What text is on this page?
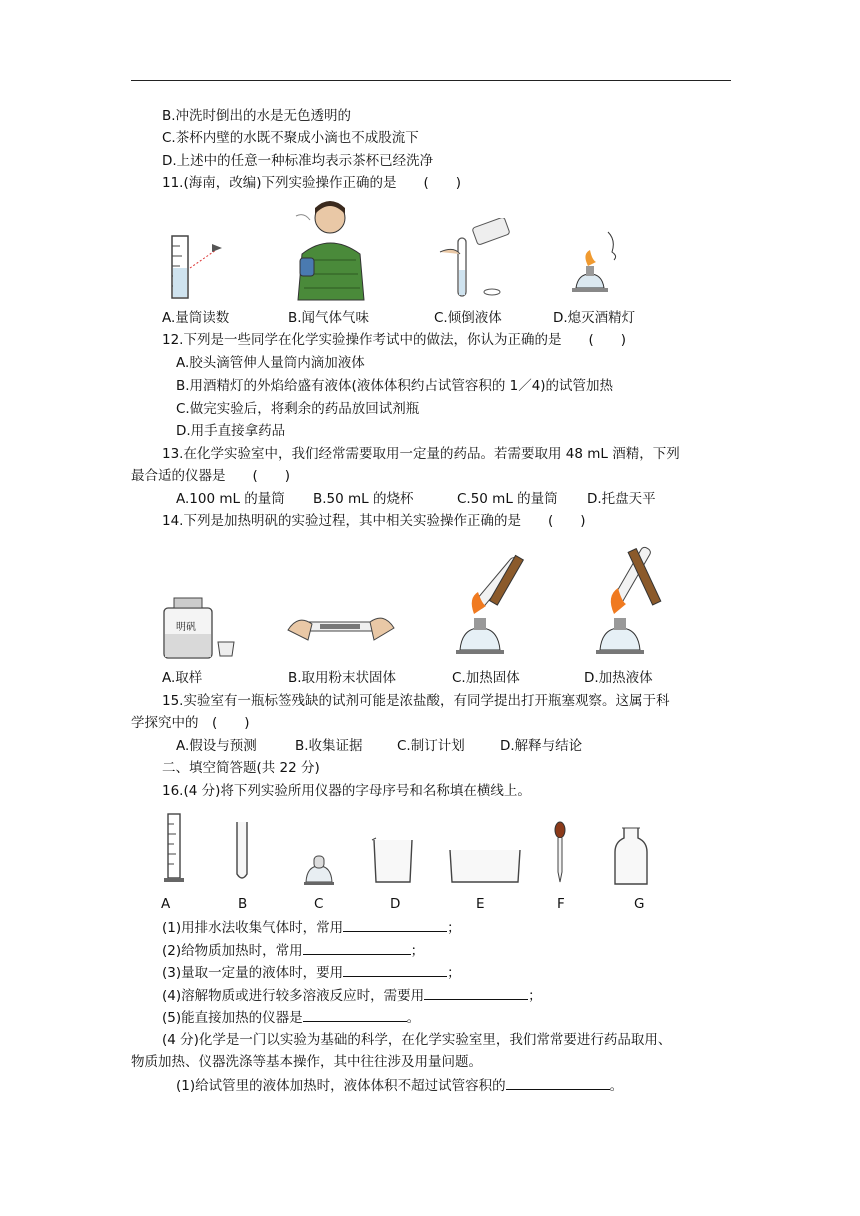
B.冲洗时倒出的水是无色透明的
C.茶杯内壁的水既不聚成小滴也不成股流下
D.上述中的任意一种标准均表示茶杯已经洗净
11.(海南，改编)下列实验操作正确的是　　(　　)
A.量筒读数	B.闻气体气味	C.倾倒液体	D.熄灭酒精灯
12.下列是一些同学在化学实验操作考试中的做法，你认为正确的是　　(　　)
A.胶头滴管伸人量筒内滴加液体
B.用酒精灯的外焰给盛有液体(液体体积约占试管容积的 1／4)的试管加热
C.做完实验后，将剩余的药品放回试剂瓶
D.用手直接拿药品
13.在化学实验室中，我们经常需要取用一定量的药品。若需要取用 48 mL 酒精，下列
最合适的仪器是　　(　　)
A.100 mL 的量筒 B.50 mL 的烧杯	C.50 mL 的量筒 D.托盘天平
14.下列是加热明矾的实验过程，其中相关实验操作正确的是　　(　　)
明矾
A.取样	B.取用粉末状固体	C.加热固体	D.加热液体
15.实验室有一瓶标签残缺的试剂可能是浓盐酸，有同学提出打开瓶塞观察。这属于科
学探究中的　(　　)
A.假设与预测	B.收集证据	C.制订计划	D.解释与结论
二、填空简答题(共 22 分)
16.(4 分)将下列实验所用仪器的字母序号和名称填在横线上。
A	B	C	D	E	F	G
(1)用排水法收集气体时，常用	；
(2)给物质加热时，常用	；
(3)量取一定量的液体时，要用	；
(4)溶解物质或进行较多溶液反应时，需要用	；
(5)能直接加热的仪器是	。
(4 分)化学是一门以实验为基础的科学，在化学实验室里，我们常常要进行药品取用、
物质加热、仪器洗涤等基本操作，其中往往涉及用量问题。
(1)给试管里的液体加热时，液体体积不超过试管容积的	。
